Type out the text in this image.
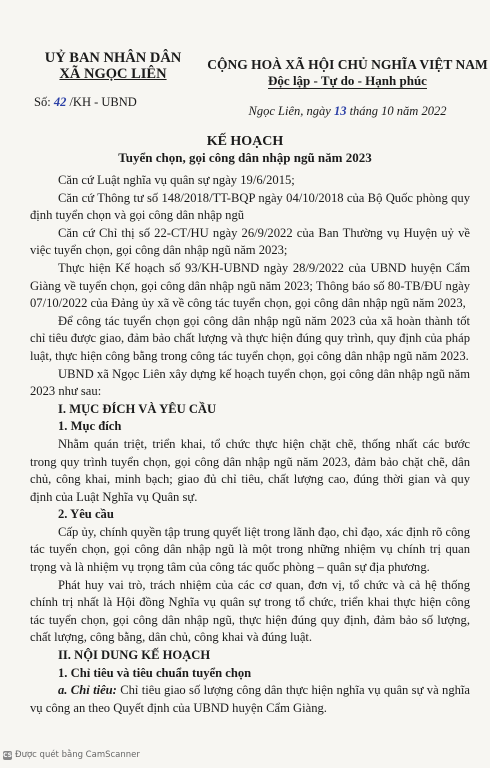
UỶ BAN NHÂN DÂN
XÃ NGỌC LIÊN
Số: 42 /KH - UBND
CỘNG HOÀ XÃ HỘI CHỦ NGHĨA VIỆT NAM
Độc lập - Tự do - Hạnh phúc
Ngọc Liên, ngày 13 tháng 10 năm 2022
KẾ HOẠCH
Tuyển chọn, gọi công dân nhập ngũ năm 2023

Căn cứ Luật nghĩa vụ quân sự ngày 19/6/2015;

Căn cứ Thông tư số 148/2018/TT-BQP ngày 04/10/2018 của Bộ Quốc phòng quy định tuyển chọn và gọi công dân nhập ngũ

Căn cứ Chỉ thị số 22-CT/HU ngày 26/9/2022 của Ban Thường vụ Huyện uỷ về việc tuyển chọn, gọi công dân nhập ngũ năm 2023;

Thực hiện Kế hoạch số 93/KH-UBND ngày 28/9/2022 của UBND huyện Cẩm Giàng về tuyển chọn, gọi công dân nhập ngũ năm 2023; Thông báo số 80-TB/ĐU ngày 07/10/2022 của Đảng ủy xã về công tác tuyển chọn, gọi công dân nhập ngũ năm 2023,

Để công tác tuyển chọn gọi công dân nhập ngũ năm 2023 của xã hoàn thành tốt chỉ tiêu được giao, đảm bảo chất lượng và thực hiện đúng quy trình, quy định của pháp luật, thực hiện công bằng trong công tác tuyển chọn, gọi công dân nhập ngũ năm 2023.

UBND xã Ngọc Liên xây dựng kế hoạch tuyển chọn, gọi công dân nhập ngũ năm 2023 như sau:

I. MỤC ĐÍCH VÀ YÊU CẦU

1. Mục đích

Nhằm quán triệt, triển khai, tổ chức thực hiện chặt chẽ, thống nhất các bước trong quy trình tuyển chọn, gọi công dân nhập ngũ năm 2023, đảm bảo chặt chẽ, dân chủ, công khai, minh bạch; giao đủ chỉ tiêu, chất lượng cao, đúng thời gian và quy định của Luật Nghĩa vụ Quân sự.

2. Yêu cầu

Cấp ủy, chính quyền tập trung quyết liệt trong lãnh đạo, chỉ đạo, xác định rõ công tác tuyển chọn, gọi công dân nhập ngũ là một trong những nhiệm vụ chính trị quan trọng và là nhiệm vụ trọng tâm của công tác quốc phòng – quân sự địa phương.

Phát huy vai trò, trách nhiệm của các cơ quan, đơn vị, tổ chức và cả hệ thống chính trị nhất là Hội đồng Nghĩa vụ quân sự trong tổ chức, triển khai thực hiện công tác tuyển chọn, gọi công dân nhập ngũ, thực hiện đúng quy định, đảm bảo số lượng, chất lượng, công bằng, dân chủ, công khai và đúng luật.

II. NỘI DUNG KẾ HOẠCH

1. Chỉ tiêu và tiêu chuẩn tuyển chọn

a. Chỉ tiêu: Chỉ tiêu giao số lượng công dân thực hiện nghĩa vụ quân sự và nghĩa vụ công an theo Quyết định của UBND huyện Cẩm Giàng.

CS Được quét bằng CamScanner
